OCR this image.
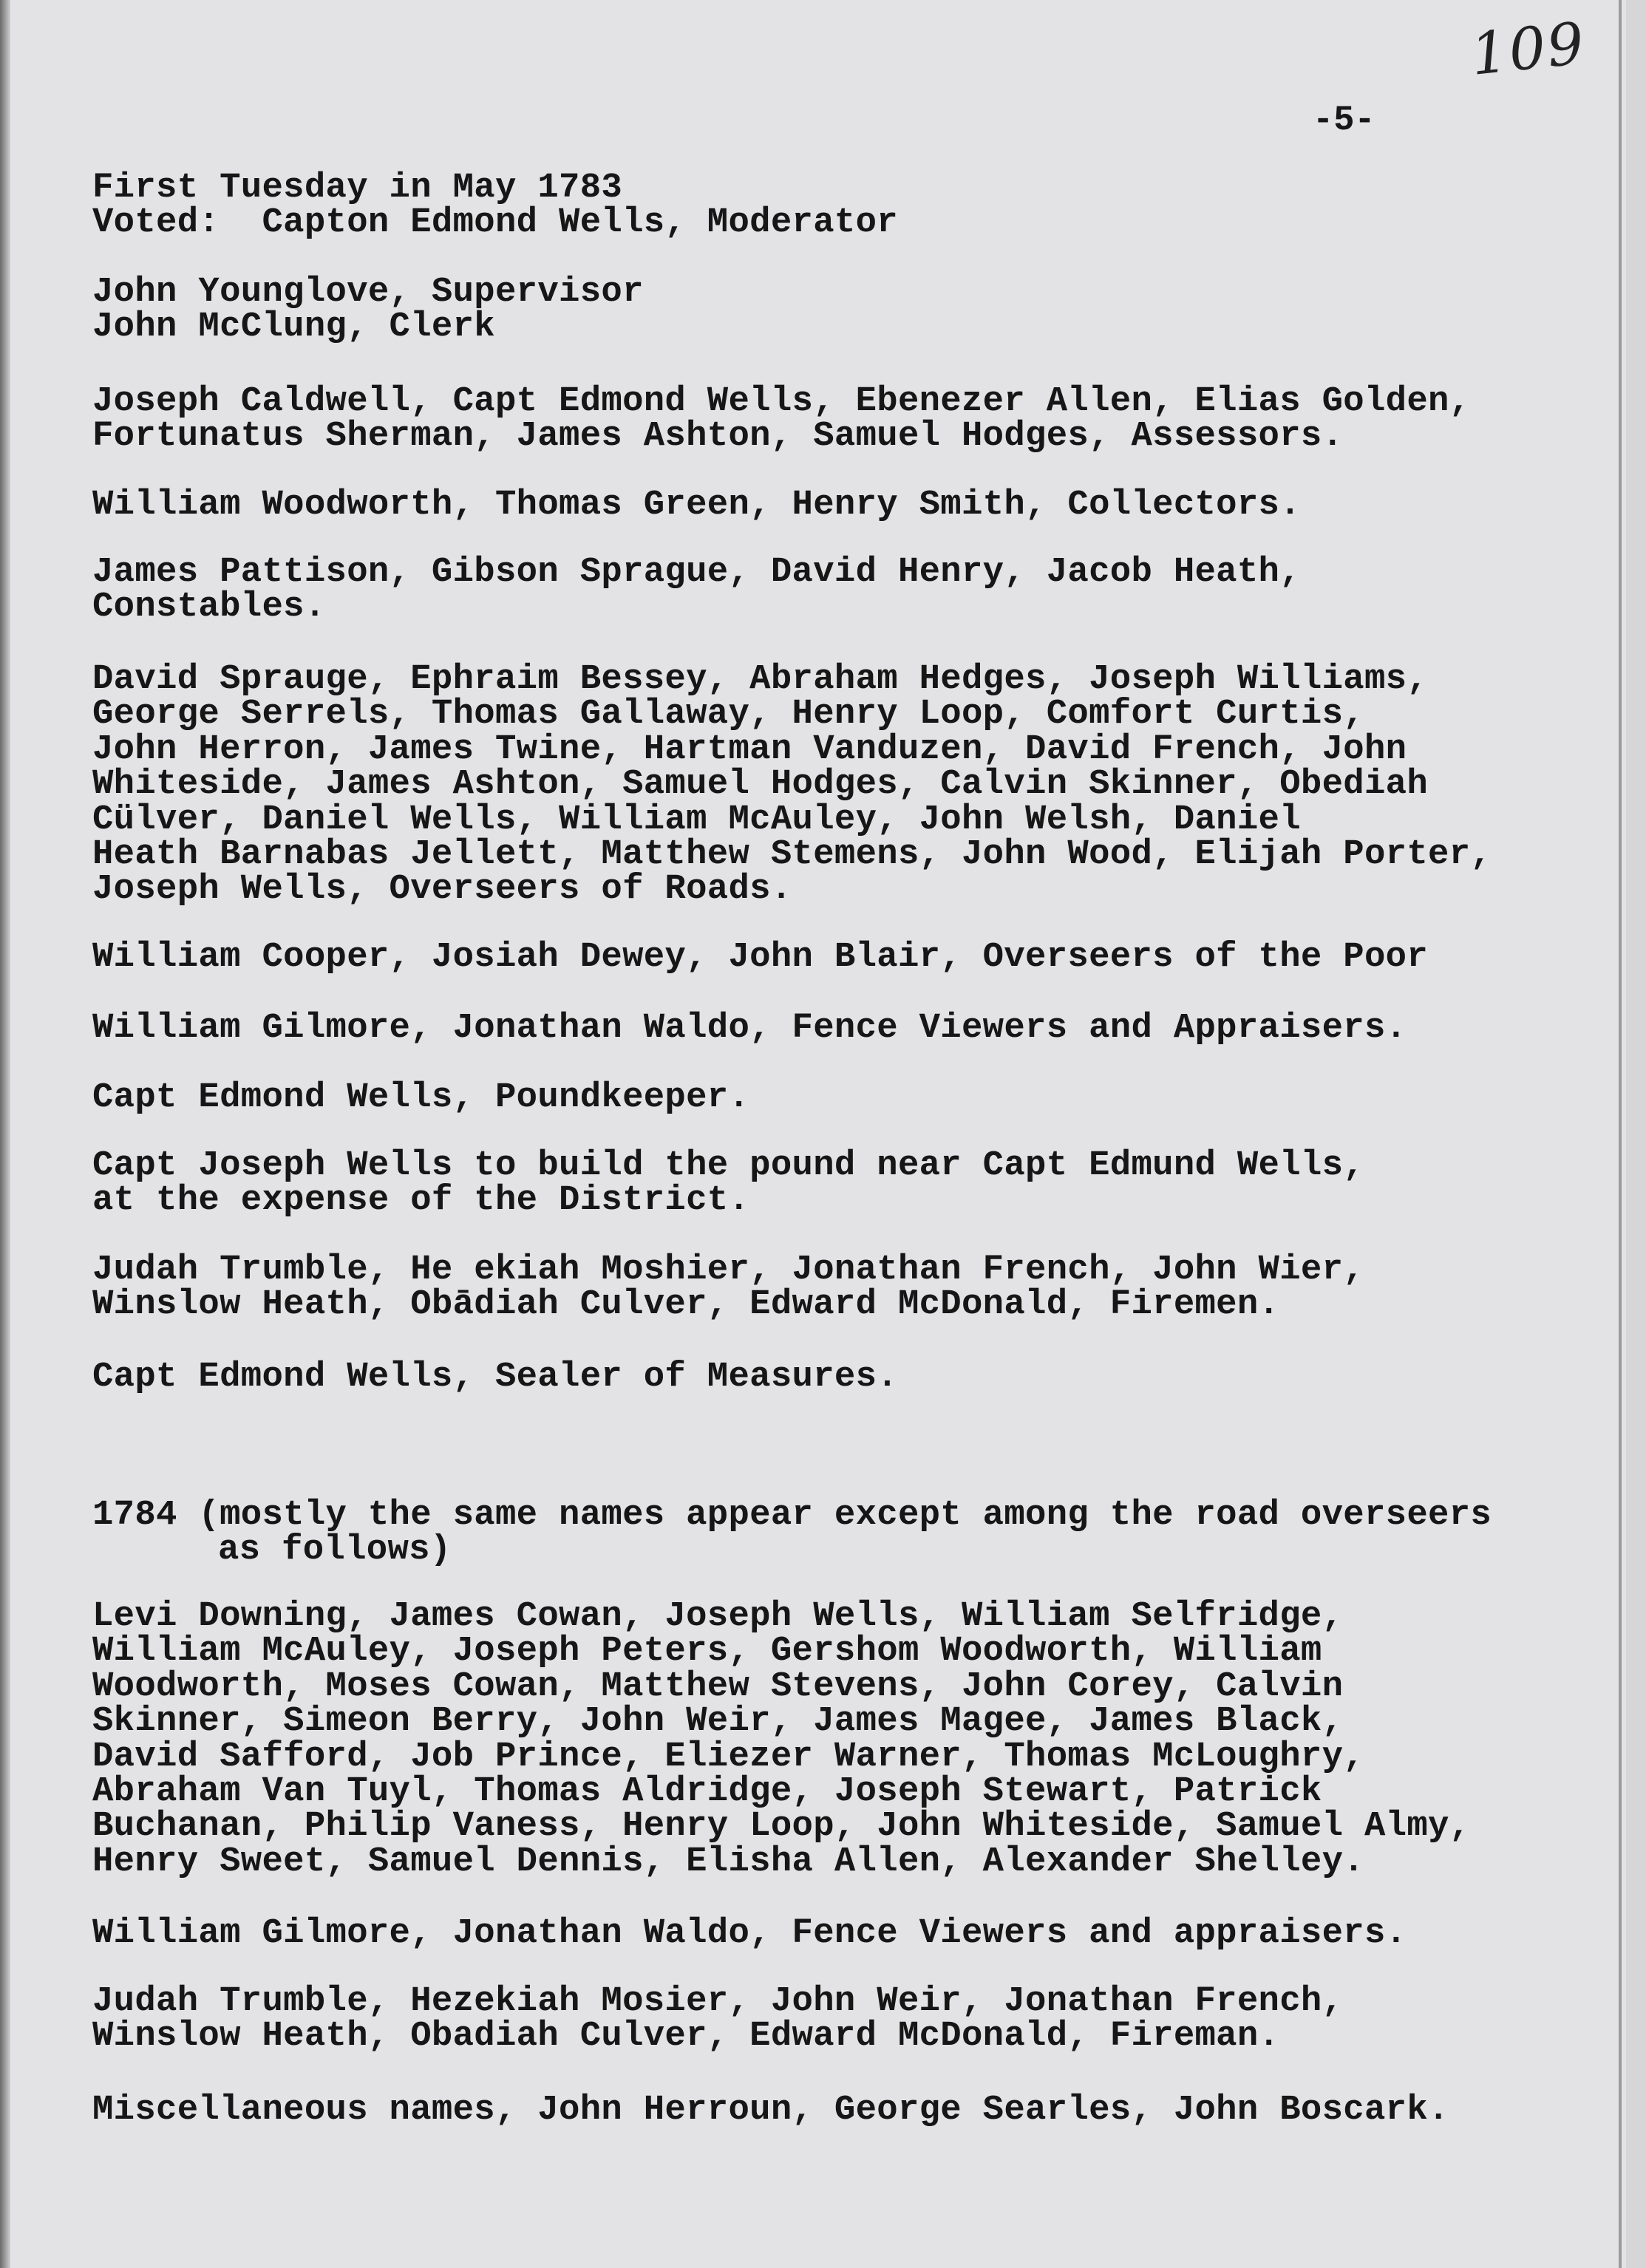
109
-5-
First Tuesday in May 1783
Voted:  Capton Edmond Wells, Moderator
John Younglove, Supervisor
John McClung, Clerk
Joseph Caldwell, Capt Edmond Wells, Ebenezer Allen, Elias Golden,
Fortunatus Sherman, James Ashton, Samuel Hodges, Assessors.
William Woodworth, Thomas Green, Henry Smith, Collectors.
James Pattison, Gibson Sprague, David Henry, Jacob Heath,
Constables.
David Sprauge, Ephraim Bessey, Abraham Hedges, Joseph Williams,
George Serrels, Thomas Gallaway, Henry Loop, Comfort Curtis,
John Herron, James Twine, Hartman Vanduzen, David French, John
Whiteside, James Ashton, Samuel Hodges, Calvin Skinner, Obediah
Cülver, Daniel Wells, William McAuley, John Welsh, Daniel
Heath Barnabas Jellett, Matthew Stemens, John Wood, Elijah Porter,
Joseph Wells, Overseers of Roads.
William Cooper, Josiah Dewey, John Blair, Overseers of the Poor
William Gilmore, Jonathan Waldo, Fence Viewers and Appraisers.
Capt Edmond Wells, Poundkeeper.
Capt Joseph Wells to build the pound near Capt Edmund Wells,
at the expense of the District.
Judah Trumble, He ekiah Moshier, Jonathan French, John Wier,
Winslow Heath, Obādiah Culver, Edward McDonald, Firemen.
Capt Edmond Wells, Sealer of Measures.
1784 (mostly the same names appear except among the road overseers
as follows)
Levi Downing, James Cowan, Joseph Wells, William Selfridge,
William McAuley, Joseph Peters, Gershom Woodworth, William
Woodworth, Moses Cowan, Matthew Stevens, John Corey, Calvin
Skinner, Simeon Berry, John Weir, James Magee, James Black,
David Safford, Job Prince, Eliezer Warner, Thomas McLoughry,
Abraham Van Tuyl, Thomas Aldridge, Joseph Stewart, Patrick
Buchanan, Philip Vaness, Henry Loop, John Whiteside, Samuel Almy,
Henry Sweet, Samuel Dennis, Elisha Allen, Alexander Shelley.
William Gilmore, Jonathan Waldo, Fence Viewers and appraisers.
Judah Trumble, Hezekiah Mosier, John Weir, Jonathan French,
Winslow Heath, Obadiah Culver, Edward McDonald, Fireman.
Miscellaneous names, John Herroun, George Searles, John Boscark.
